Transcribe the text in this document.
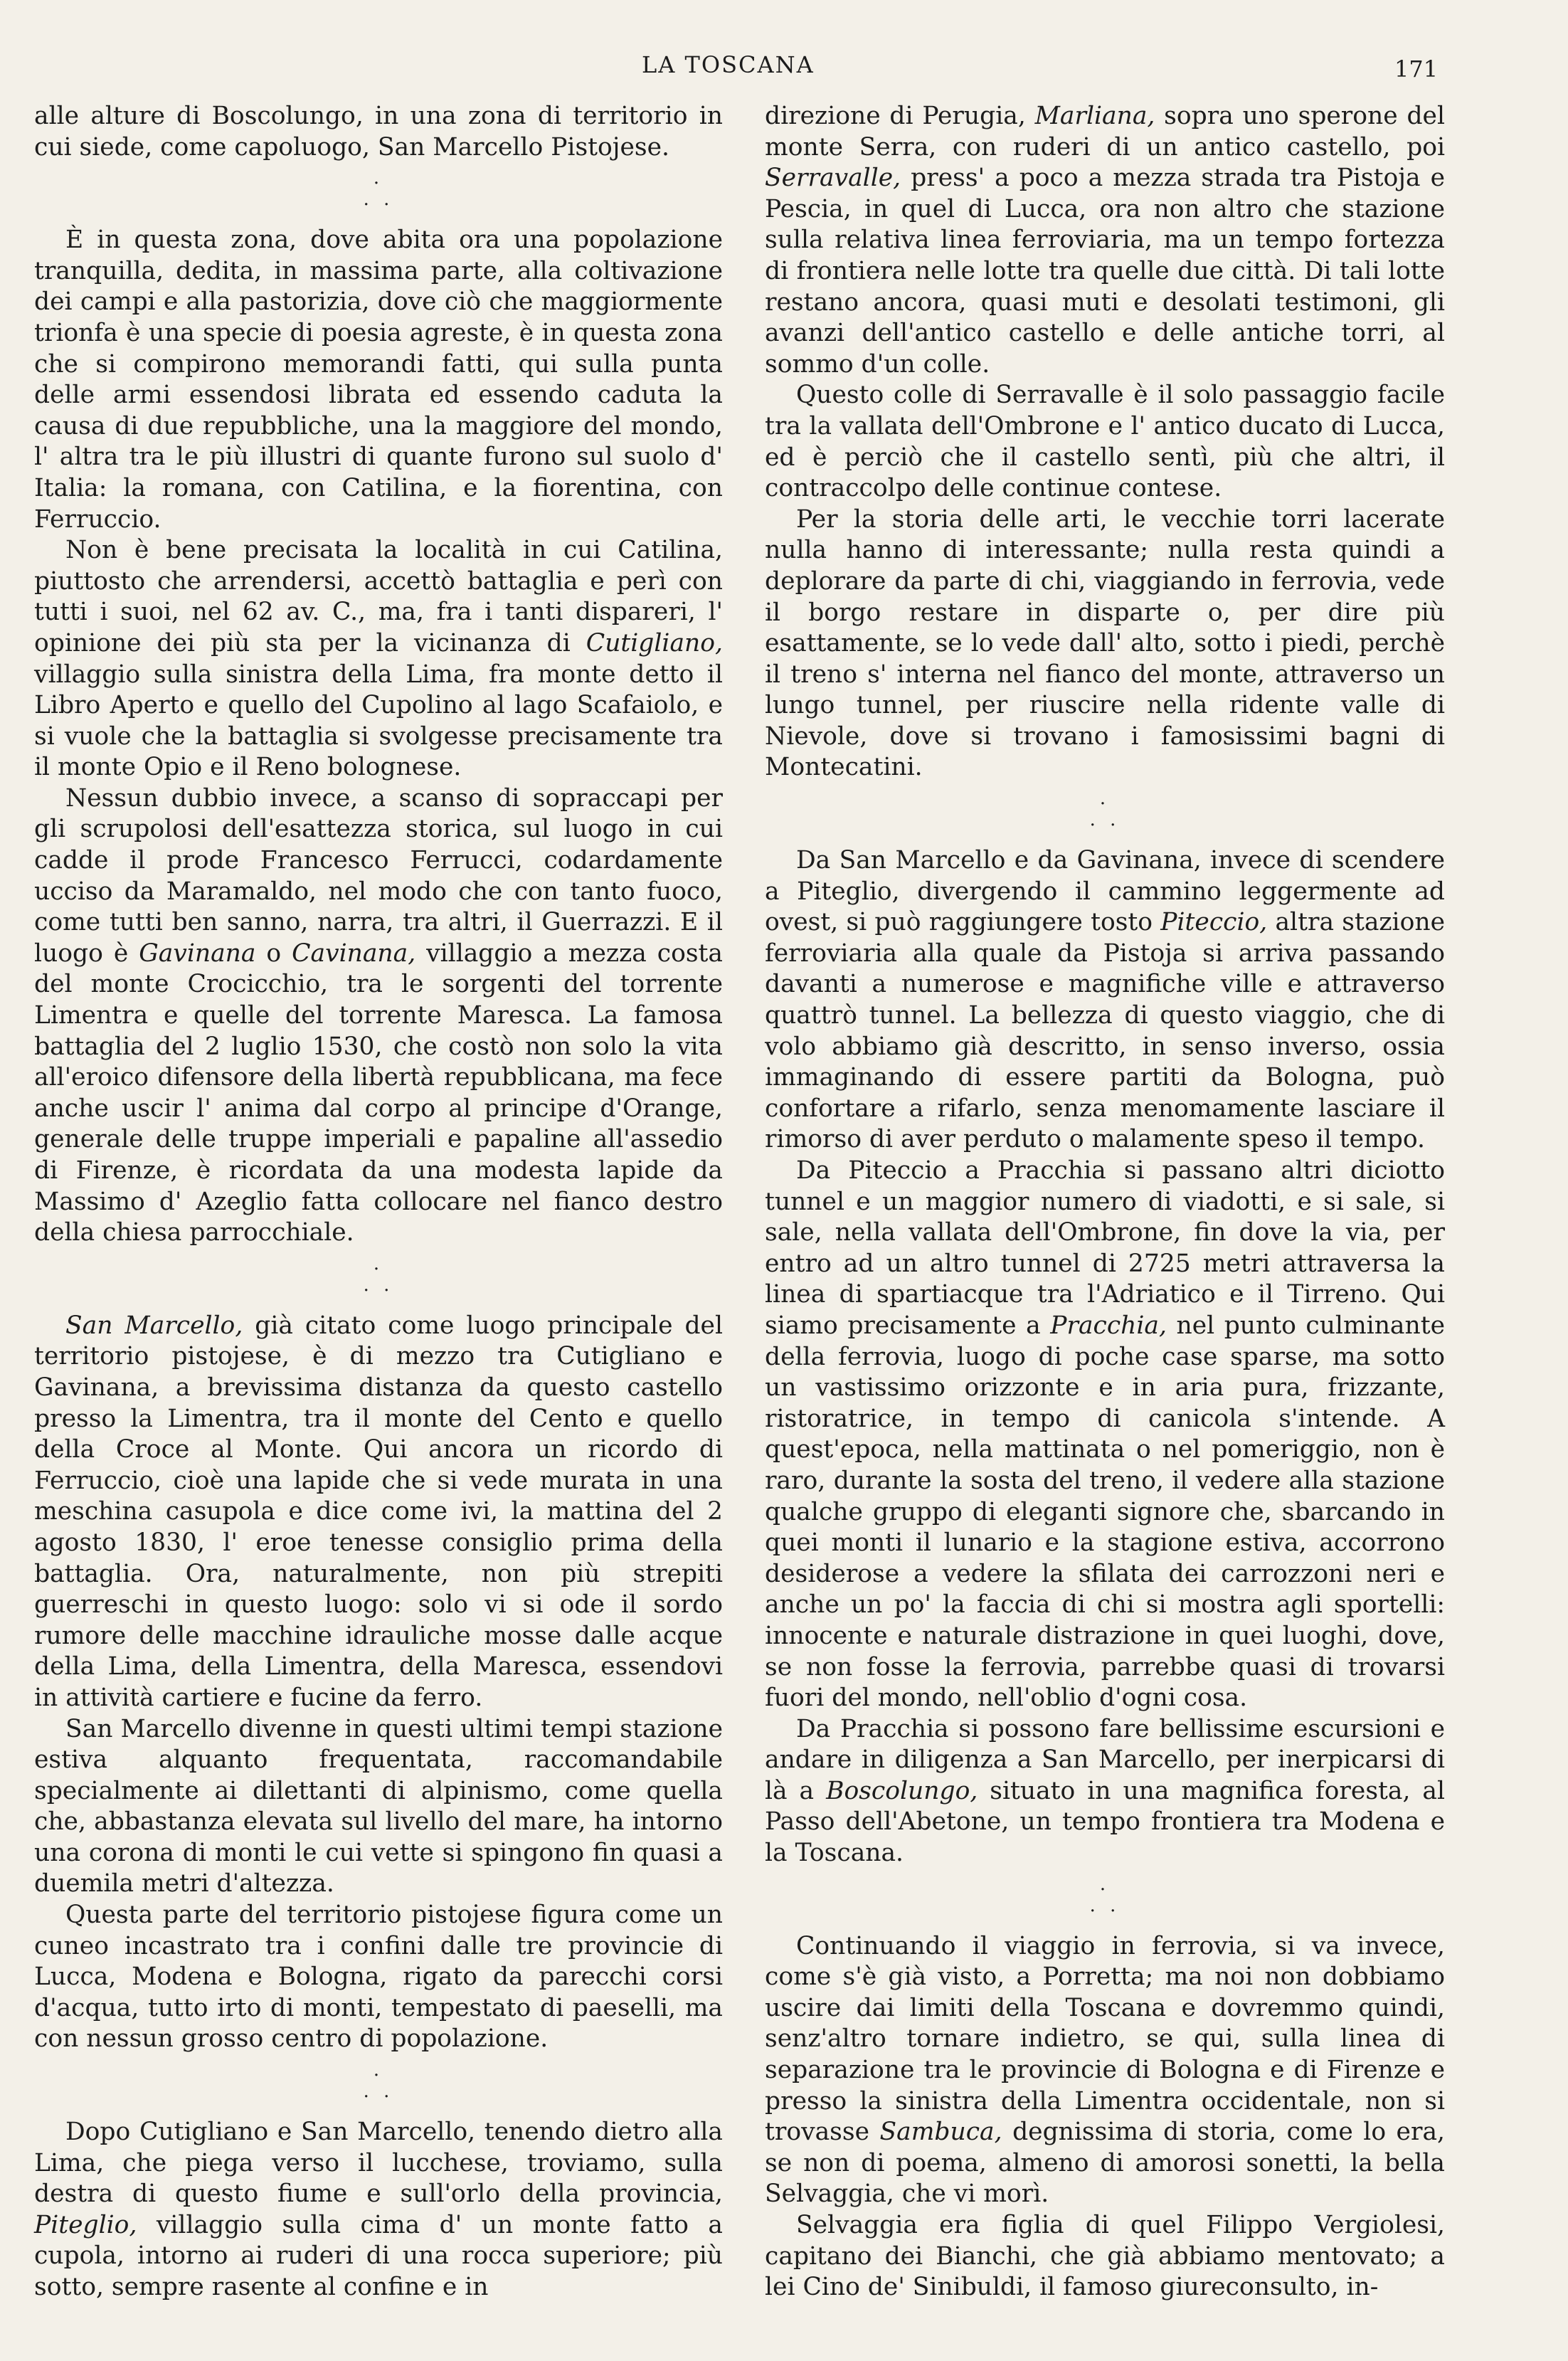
LA TOSCANA	171

alle alture di Boscolungo, in una zona di territorio in cui siede, come capoluogo, San Marcello Pistojese.

·
· ·

È in questa zona, dove abita ora una popolazione tranquilla, dedita, in massima parte, alla coltivazione dei campi e alla pastorizia, dove ciò che maggiormente trionfa è una specie di poesia agreste, è in questa zona che si compirono memorandi fatti, qui sulla punta delle armi essendosi librata ed essendo caduta la causa di due repubbliche, una la maggiore del mondo, l' altra tra le più illustri di quante furono sul suolo d' Italia: la romana, con Catilina, e la fiorentina, con Ferruccio.

Non è bene precisata la località in cui Catilina, piuttosto che arrendersi, accettò battaglia e perì con tutti i suoi, nel 62 av. C., ma, fra i tanti dispareri, l' opinione dei più sta per la vicinanza di Cutigliano, villaggio sulla sinistra della Lima, fra monte detto il Libro Aperto e quello del Cupolino al lago Scafaiolo, e si vuole che la battaglia si svolgesse precisamente tra il monte Opio e il Reno bolognese.

Nessun dubbio invece, a scanso di sopraccapi per gli scrupolosi dell'esattezza storica, sul luogo in cui cadde il prode Francesco Ferrucci, codardamente ucciso da Maramaldo, nel modo che con tanto fuoco, come tutti ben sanno, narra, tra altri, il Guerrazzi. E il luogo è Gavinana o Cavinana, villaggio a mezza costa del monte Crocicchio, tra le sorgenti del torrente Limentra e quelle del torrente Maresca. La famosa battaglia del 2 luglio 1530, che costò non solo la vita all'eroico difensore della libertà repubblicana, ma fece anche uscir l' anima dal corpo al principe d'Orange, generale delle truppe imperiali e papaline all'assedio di Firenze, è ricordata da una modesta lapide da Massimo d' Azeglio fatta collocare nel fianco destro della chiesa parrocchiale.

·
· ·

San Marcello, già citato come luogo principale del territorio pistojese, è di mezzo tra Cutigliano e Gavinana, a brevissima distanza da questo castello presso la Limentra, tra il monte del Cento e quello della Croce al Monte. Qui ancora un ricordo di Ferruccio, cioè una lapide che si vede murata in una meschina casupola e dice come ivi, la mattina del 2 agosto 1830, l' eroe tenesse consiglio prima della battaglia. Ora, naturalmente, non più strepiti guerreschi in questo luogo: solo vi si ode il sordo rumore delle macchine idrauliche mosse dalle acque della Lima, della Limentra, della Maresca, essendovi in attività cartiere e fucine da ferro.

San Marcello divenne in questi ultimi tempi stazione estiva alquanto frequentata, raccomandabile specialmente ai dilettanti di alpinismo, come quella che, abbastanza elevata sul livello del mare, ha intorno una corona di monti le cui vette si spingono fin quasi a duemila metri d'altezza.

Questa parte del territorio pistojese figura come un cuneo incastrato tra i confini dalle tre provincie di Lucca, Modena e Bologna, rigato da parecchi corsi d'acqua, tutto irto di monti, tempestato di paeselli, ma con nessun grosso centro di popolazione.

·
· ·

Dopo Cutigliano e San Marcello, tenendo dietro alla Lima, che piega verso il lucchese, troviamo, sulla destra di questo fiume e sull'orlo della provincia, Piteglio, villaggio sulla cima d' un monte fatto a cupola, intorno ai ruderi di una rocca superiore; più sotto, sempre rasente al confine e in

direzione di Perugia, Marliana, sopra uno sperone del monte Serra, con ruderi di un antico castello, poi Serravalle, press' a poco a mezza strada tra Pistoja e Pescia, in quel di Lucca, ora non altro che stazione sulla relativa linea ferroviaria, ma un tempo fortezza di frontiera nelle lotte tra quelle due città. Di tali lotte restano ancora, quasi muti e desolati testimoni, gli avanzi dell'antico castello e delle antiche torri, al sommo d'un colle.

Questo colle di Serravalle è il solo passaggio facile tra la vallata dell'Ombrone e l' antico ducato di Lucca, ed è perciò che il castello sentì, più che altri, il contraccolpo delle continue contese.

Per la storia delle arti, le vecchie torri lacerate nulla hanno di interessante; nulla resta quindi a deplorare da parte di chi, viaggiando in ferrovia, vede il borgo restare in disparte o, per dire più esattamente, se lo vede dall' alto, sotto i piedi, perchè il treno s' interna nel fianco del monte, attraverso un lungo tunnel, per riuscire nella ridente valle di Nievole, dove si trovano i famosissimi bagni di Montecatini.

·
· ·

Da San Marcello e da Gavinana, invece di scendere a Piteglio, divergendo il cammino leggermente ad ovest, si può raggiungere tosto Piteccio, altra stazione ferroviaria alla quale da Pistoja si arriva passando davanti a numerose e magnifiche ville e attraverso quattrò tunnel. La bellezza di questo viaggio, che di volo abbiamo già descritto, in senso inverso, ossia immaginando di essere partiti da Bologna, può confortare a rifarlo, senza menomamente lasciare il rimorso di aver perduto o malamente speso il tempo.

Da Piteccio a Pracchia si passano altri diciotto tunnel e un maggior numero di viadotti, e si sale, si sale, nella vallata dell'Ombrone, fin dove la via, per entro ad un altro tunnel di 2725 metri attraversa la linea di spartiacque tra l'Adriatico e il Tirreno. Qui siamo precisamente a Pracchia, nel punto culminante della ferrovia, luogo di poche case sparse, ma sotto un vastissimo orizzonte e in aria pura, frizzante, ristoratrice, in tempo di canicola s'intende. A quest'epoca, nella mattinata o nel pomeriggio, non è raro, durante la sosta del treno, il vedere alla stazione qualche gruppo di eleganti signore che, sbarcando in quei monti il lunario e la stagione estiva, accorrono desiderose a vedere la sfilata dei carrozzoni neri e anche un po' la faccia di chi si mostra agli sportelli: innocente e naturale distrazione in quei luoghi, dove, se non fosse la ferrovia, parrebbe quasi di trovarsi fuori del mondo, nell'oblio d'ogni cosa.

Da Pracchia si possono fare bellissime escursioni e andare in diligenza a San Marcello, per inerpicarsi di là a Boscolungo, situato in una magnifica foresta, al Passo dell'Abetone, un tempo frontiera tra Modena e la Toscana.

·
· ·

Continuando il viaggio in ferrovia, si va invece, come s'è già visto, a Porretta; ma noi non dobbiamo uscire dai limiti della Toscana e dovremmo quindi, senz'altro tornare indietro, se qui, sulla linea di separazione tra le provincie di Bologna e di Firenze e presso la sinistra della Limentra occidentale, non si trovasse Sambuca, degnissima di storia, come lo era, se non di poema, almeno di amorosi sonetti, la bella Selvaggia, che vi morì.

Selvaggia era figlia di quel Filippo Vergiolesi, capitano dei Bianchi, che già abbiamo mentovato; a lei Cino de' Sinibuldi, il famoso giureconsulto, in-
